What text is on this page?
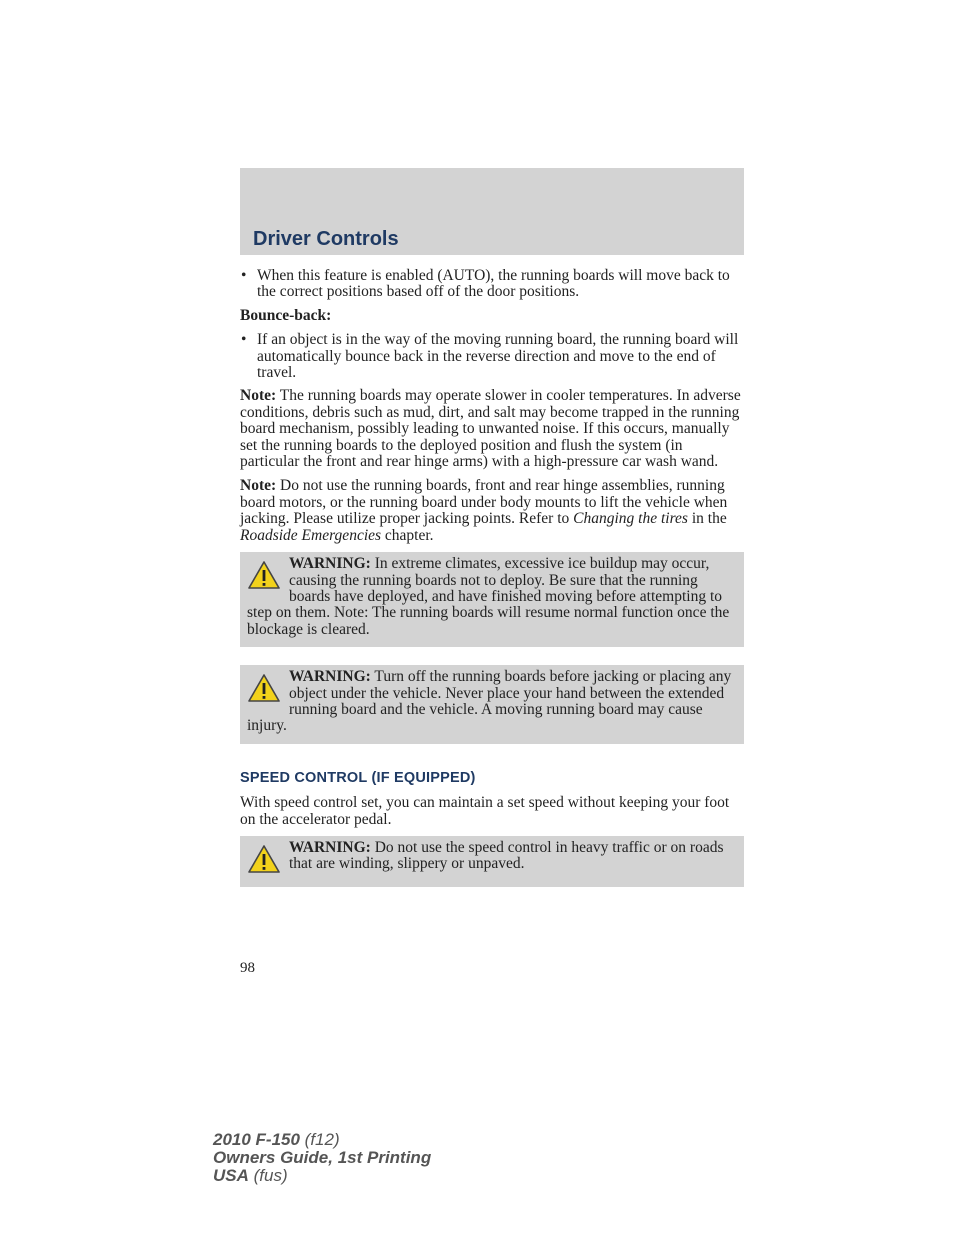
Driver Controls
• When this feature is enabled (AUTO), the running boards will move back to the correct positions based off of the door positions.
Bounce-back:
• If an object is in the way of the moving running board, the running board will automatically bounce back in the reverse direction and move to the end of travel.

Note: The running boards may operate slower in cooler temperatures. In adverse conditions, debris such as mud, dirt, and salt may become trapped in the running board mechanism, possibly leading to unwanted noise. If this occurs, manually set the running boards to the deployed position and flush the system (in particular the front and rear hinge arms) with a high-pressure car wash wand.

Note: Do not use the running boards, front and rear hinge assemblies, running board motors, or the running board under body mounts to lift the vehicle when jacking. Please utilize proper jacking points. Refer to Changing the tires in the Roadside Emergencies chapter.

WARNING: In extreme climates, excessive ice buildup may occur, causing the running boards not to deploy. Be sure that the running boards have deployed, and have finished moving before attempting to step on them. Note: The running boards will resume normal function once the blockage is cleared.
WARNING: Turn off the running boards before jacking or placing any object under the vehicle. Never place your hand between the extended running board and the vehicle. A moving running board may cause injury.
SPEED CONTROL (IF EQUIPPED)

With speed control set, you can maintain a set speed without keeping your foot on the accelerator pedal.

WARNING: Do not use the speed control in heavy traffic or on roads that are winding, slippery or unpaved.
98
2010 F-150 (f12)
Owners Guide, 1st Printing
USA (fus)
